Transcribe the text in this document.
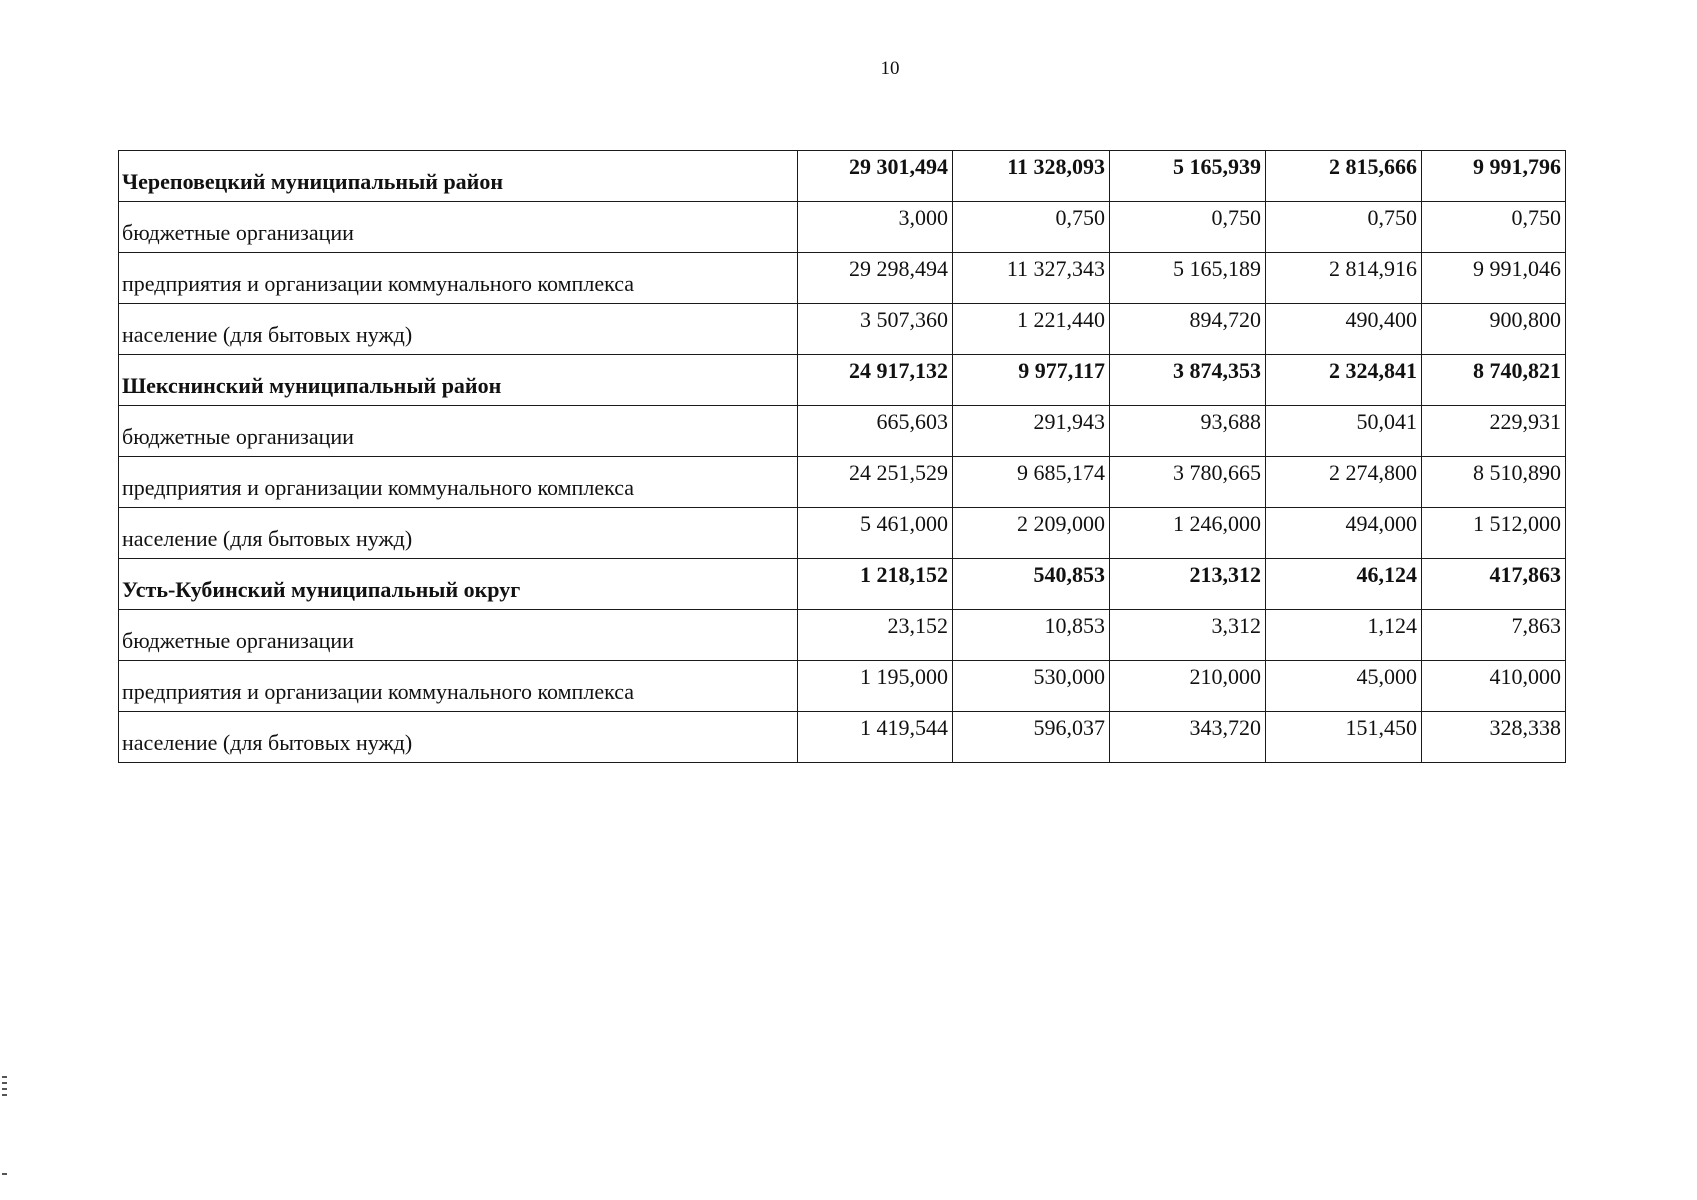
10
Череповецкий муниципальный район	29 301,494	11 328,093	5 165,939	2 815,666	9 991,796
бюджетные организации	3,000	0,750	0,750	0,750	0,750
предприятия и организации коммунального комплекса	29 298,494	11 327,343	5 165,189	2 814,916	9 991,046
население (для бытовых нужд)	3 507,360	1 221,440	894,720	490,400	900,800
Шекснинский муниципальный район	24 917,132	9 977,117	3 874,353	2 324,841	8 740,821
бюджетные организации	665,603	291,943	93,688	50,041	229,931
предприятия и организации коммунального комплекса	24 251,529	9 685,174	3 780,665	2 274,800	8 510,890
население (для бытовых нужд)	5 461,000	2 209,000	1 246,000	494,000	1 512,000
Усть-Кубинский муниципальный округ	1 218,152	540,853	213,312	46,124	417,863
бюджетные организации	23,152	10,853	3,312	1,124	7,863
предприятия и организации коммунального комплекса	1 195,000	530,000	210,000	45,000	410,000
население (для бытовых нужд)	1 419,544	596,037	343,720	151,450	328,338
